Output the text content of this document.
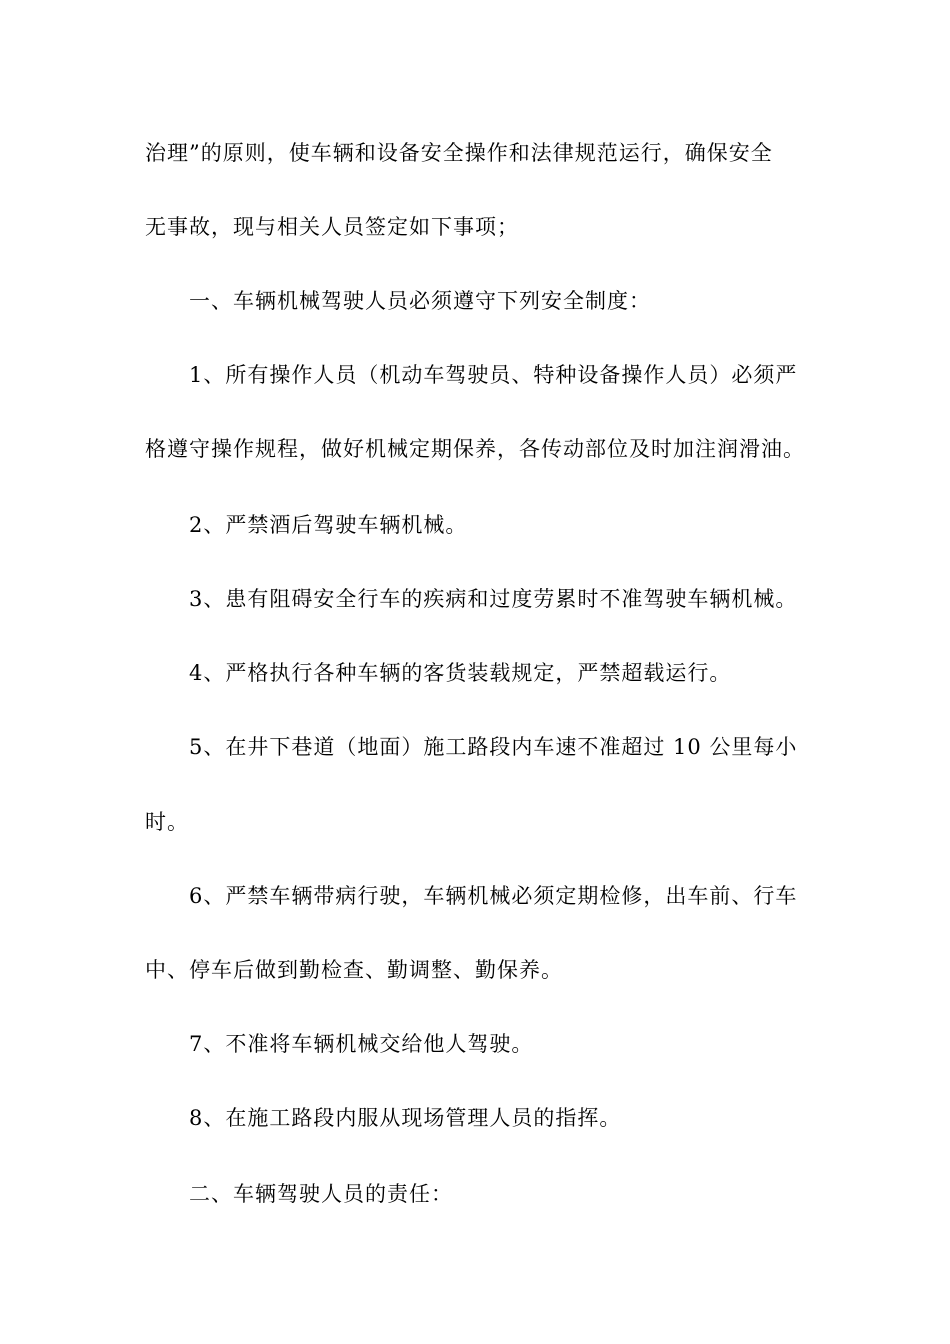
治理”的原则，使车辆和设备安全操作和法律规范运行，确保安全
无事故，现与相关人员签定如下事项；
一、车辆机械驾驶人员必须遵守下列安全制度：
1、所有操作人员（机动车驾驶员、特种设备操作人员）必须严
格遵守操作规程，做好机械定期保养，各传动部位及时加注润滑油。
2、严禁酒后驾驶车辆机械。
3、患有阻碍安全行车的疾病和过度劳累时不准驾驶车辆机械。
4、严格执行各种车辆的客货装载规定，严禁超载运行。
5、在井下巷道（地面）施工路段内车速不准超过 10 公里每小
时。
6、严禁车辆带病行驶，车辆机械必须定期检修，出车前、行车
中、停车后做到勤检查、勤调整、勤保养。
7、不准将车辆机械交给他人驾驶。
8、在施工路段内服从现场管理人员的指挥。
二、车辆驾驶人员的责任：
